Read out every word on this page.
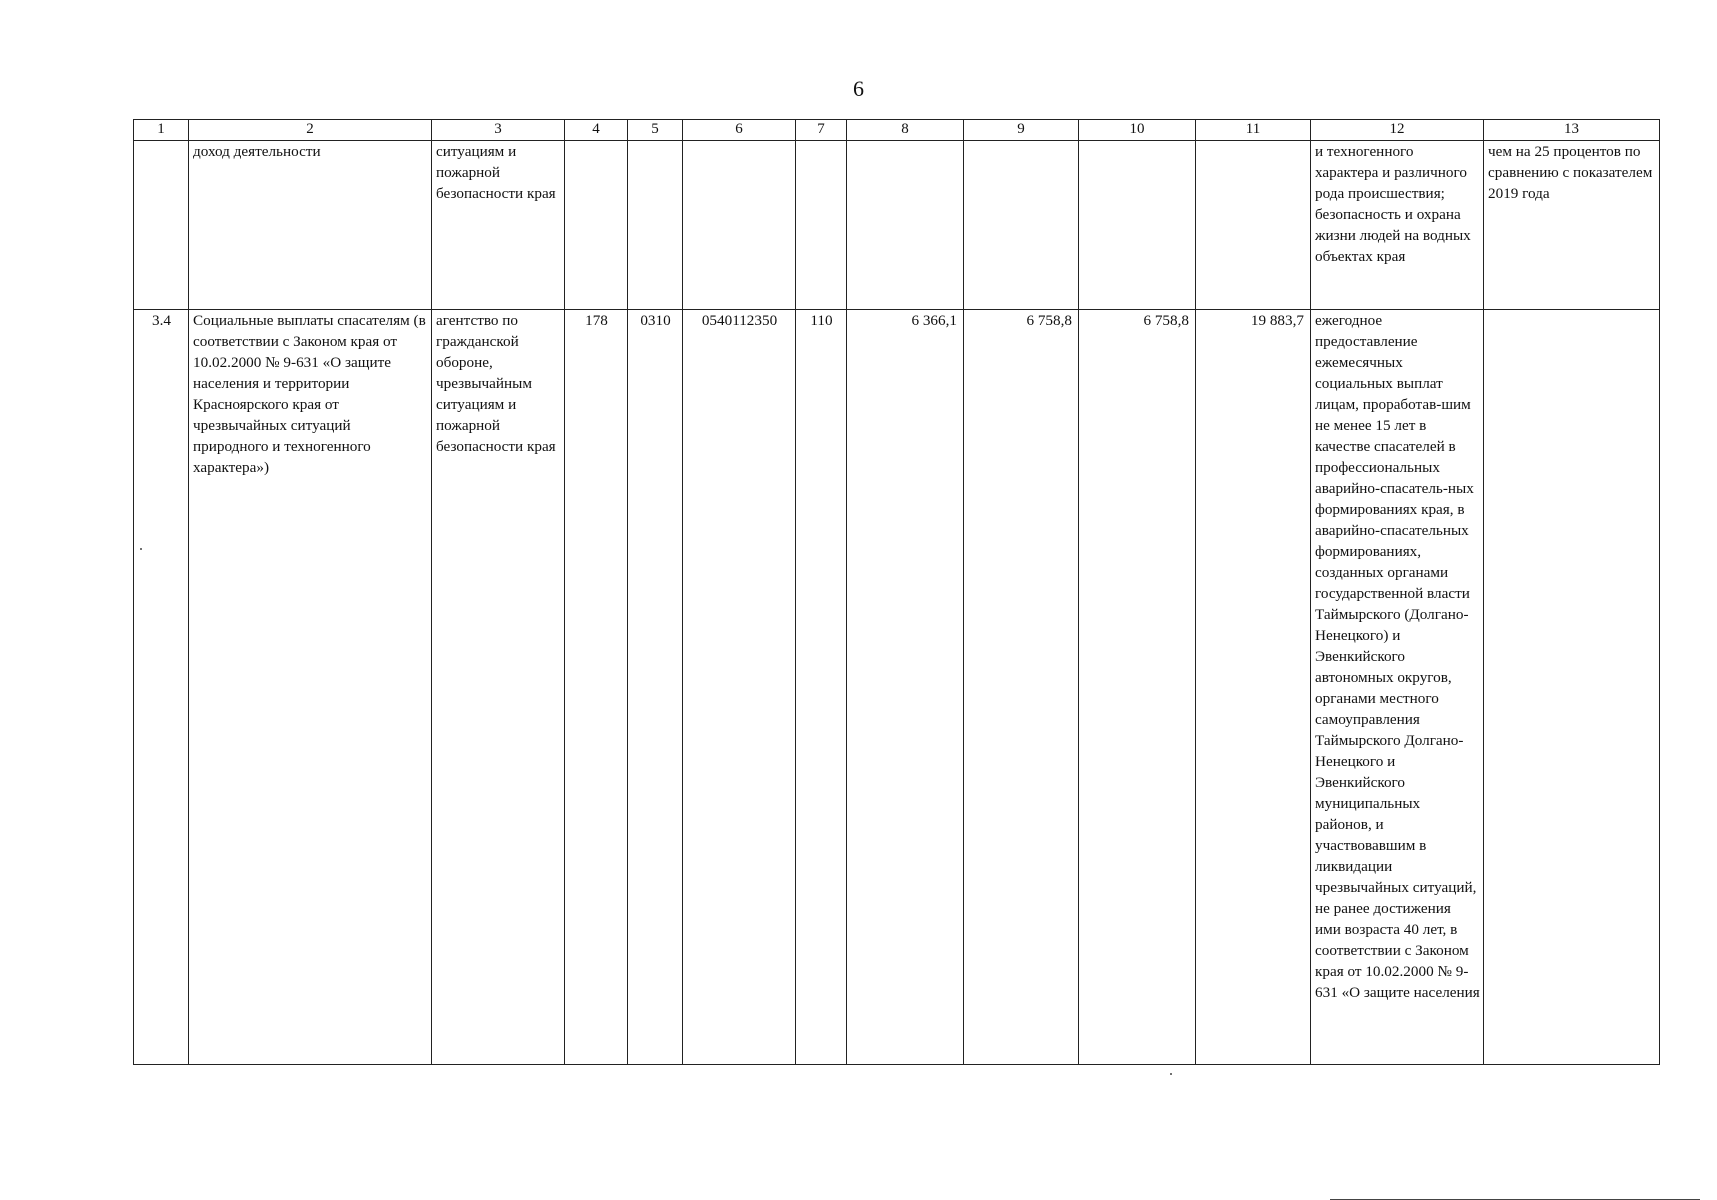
6
1	2	3	4	5	6	7	8	9	10	11	12	13
	доход деятельности	ситуациям и пожарной безопасности края									и техногенного характера и различного рода происшествия; безопасность и охрана жизни людей на водных объектах края	чем на 25 процентов по сравнению с показателем 2019 года
3.4	Социальные выплаты спасателям (в соответствии с Законом края от 10.02.2000 № 9-631 «О защите населения и территории Красноярского края от чрезвычайных ситуаций природного и техногенного характера»)	агентство по гражданской обороне, чрезвычайным ситуациям и пожарной безопасности края	178	0310	0540112350	110	6 366,1	6 758,8	6 758,8	19 883,7	ежегодное предоставление ежемесячных социальных выплат лицам, проработав-шим не менее 15 лет в качестве спасателей в профессиональных аварийно-спасатель-ных формированиях края, в аварийно-спасательных формированиях, созданных органами государственной власти Таймырского (Долгано-Ненецкого) и Эвенкийского автономных округов, органами местного самоуправления Таймырского Долгано-Ненецкого и Эвенкийского муниципальных районов, и участвовавшим в ликвидации чрезвычайных ситуаций, не ранее достижения ими возраста 40 лет, в соответствии с Законом края от 10.02.2000 № 9-631 «О защите населения	
